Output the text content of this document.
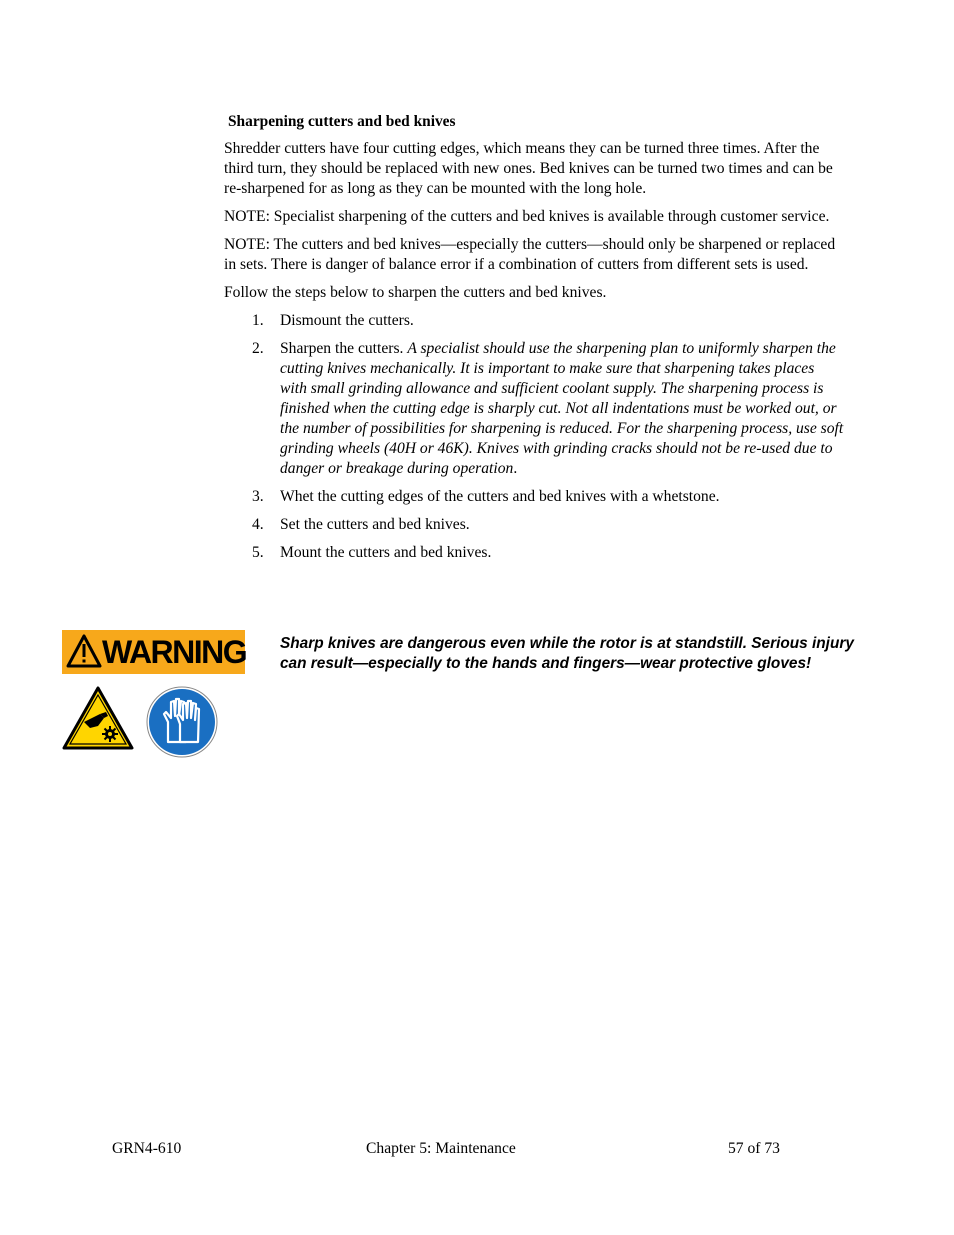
Sharpening cutters and bed knives

Shredder cutters have four cutting edges, which means they can be turned three times. After the third turn, they should be replaced with new ones. Bed knives can be turned two times and can be re-sharpened for as long as they can be mounted with the long hole.

NOTE: Specialist sharpening of the cutters and bed knives is available through customer service.

NOTE: The cutters and bed knives—especially the cutters—should only be sharpened or replaced in sets. There is danger of balance error if a combination of cutters from different sets is used.

Follow the steps below to sharpen the cutters and bed knives.

1. Dismount the cutters.
2. Sharpen the cutters. A specialist should use the sharpening plan to uniformly sharpen the cutting knives mechanically. It is important to make sure that sharpening takes places with small grinding allowance and sufficient coolant supply. The sharpening process is finished when the cutting edge is sharply cut. Not all indentations must be worked out, or the number of possibilities for sharpening is reduced. For the sharpening process, use soft grinding wheels (40H or 46K). Knives with grinding cracks should not be re-used due to danger or breakage during operation.
3. Whet the cutting edges of the cutters and bed knives with a whetstone.
4. Set the cutters and bed knives.
5. Mount the cutters and bed knives.
WARNING Sharp knives are dangerous even while the rotor is at standstill. Serious injury can result—especially to the hands and fingers—wear protective gloves!
GRN4-610	Chapter 5: Maintenance	57 of 73
